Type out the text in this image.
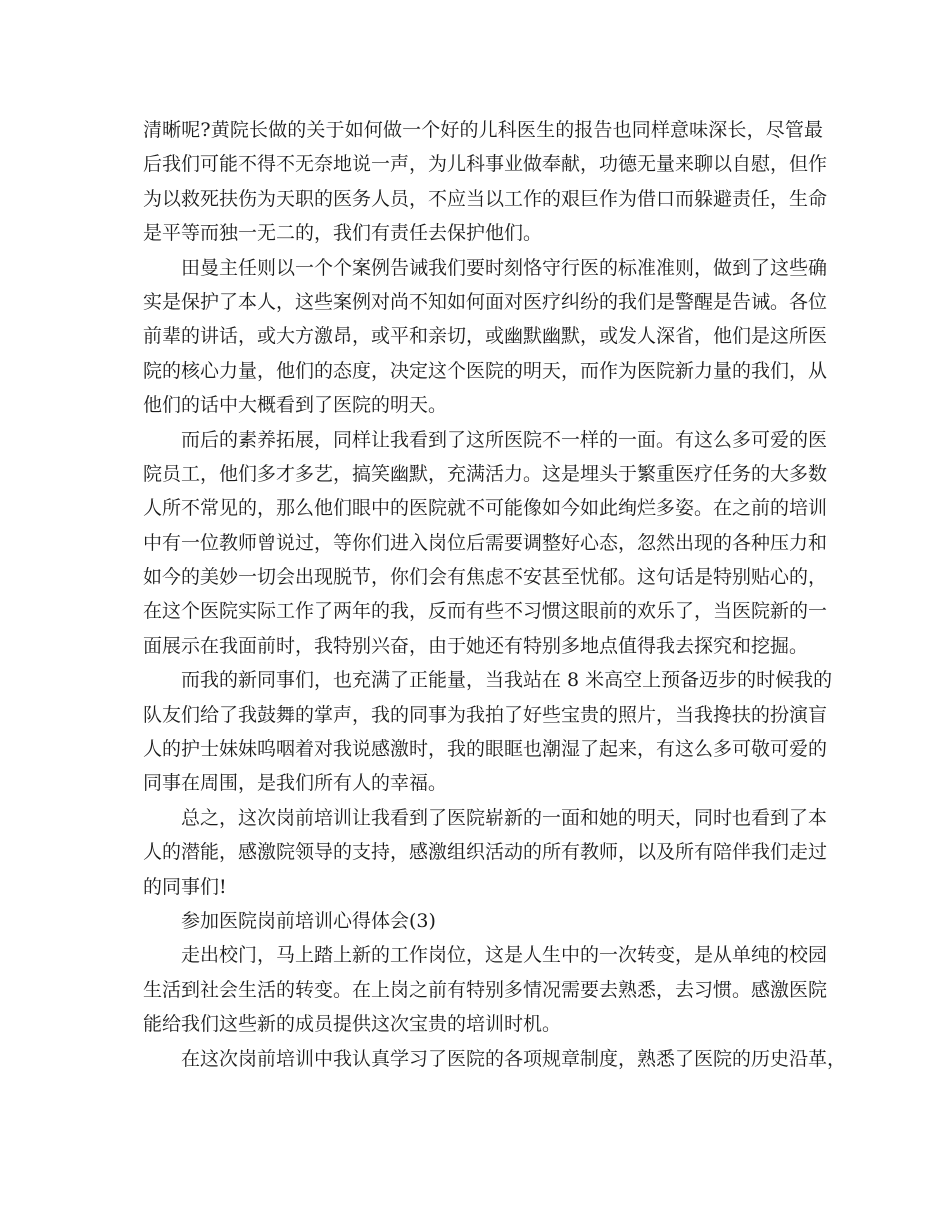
清晰呢?黄院长做的关于如何做一个好的儿科医生的报告也同样意味深长，尽管最
后我们可能不得不无奈地说一声，为儿科事业做奉献，功德无量来聊以自慰，但作
为以救死扶伤为天职的医务人员，不应当以工作的艰巨作为借口而躲避责任，生命
是平等而独一无二的，我们有责任去保护他们。
田曼主任则以一个个案例告诫我们要时刻恪守行医的标准准则，做到了这些确
实是保护了本人，这些案例对尚不知如何面对医疗纠纷的我们是警醒是告诫。各位
前辈的讲话，或大方激昂，或平和亲切，或幽默幽默，或发人深省，他们是这所医
院的核心力量，他们的态度，决定这个医院的明天，而作为医院新力量的我们，从
他们的话中大概看到了医院的明天。
而后的素养拓展，同样让我看到了这所医院不一样的一面。有这么多可爱的医
院员工，他们多才多艺，搞笑幽默，充满活力。这是埋头于繁重医疗任务的大多数
人所不常见的，那么他们眼中的医院就不可能像如今如此绚烂多姿。在之前的培训
中有一位教师曾说过，等你们进入岗位后需要调整好心态，忽然出现的各种压力和
如今的美妙一切会出现脱节，你们会有焦虑不安甚至忧郁。这句话是特别贴心的，
在这个医院实际工作了两年的我，反而有些不习惯这眼前的欢乐了，当医院新的一
面展示在我面前时，我特别兴奋，由于她还有特别多地点值得我去探究和挖掘。
而我的新同事们，也充满了正能量，当我站在 8 米高空上预备迈步的时候我的
队友们给了我鼓舞的掌声，我的同事为我拍了好些宝贵的照片，当我搀扶的扮演盲
人的护士妹妹呜咽着对我说感激时，我的眼眶也潮湿了起来，有这么多可敬可爱的
同事在周围，是我们所有人的幸福。
总之，这次岗前培训让我看到了医院崭新的一面和她的明天，同时也看到了本
人的潜能，感激院领导的支持，感激组织活动的所有教师，以及所有陪伴我们走过
的同事们!
参加医院岗前培训心得体会(3)
走出校门，马上踏上新的工作岗位，这是人生中的一次转变，是从单纯的校园
生活到社会生活的转变。在上岗之前有特别多情况需要去熟悉，去习惯。感激医院
能给我们这些新的成员提供这次宝贵的培训时机。
在这次岗前培训中我认真学习了医院的各项规章制度，熟悉了医院的历史沿革，
